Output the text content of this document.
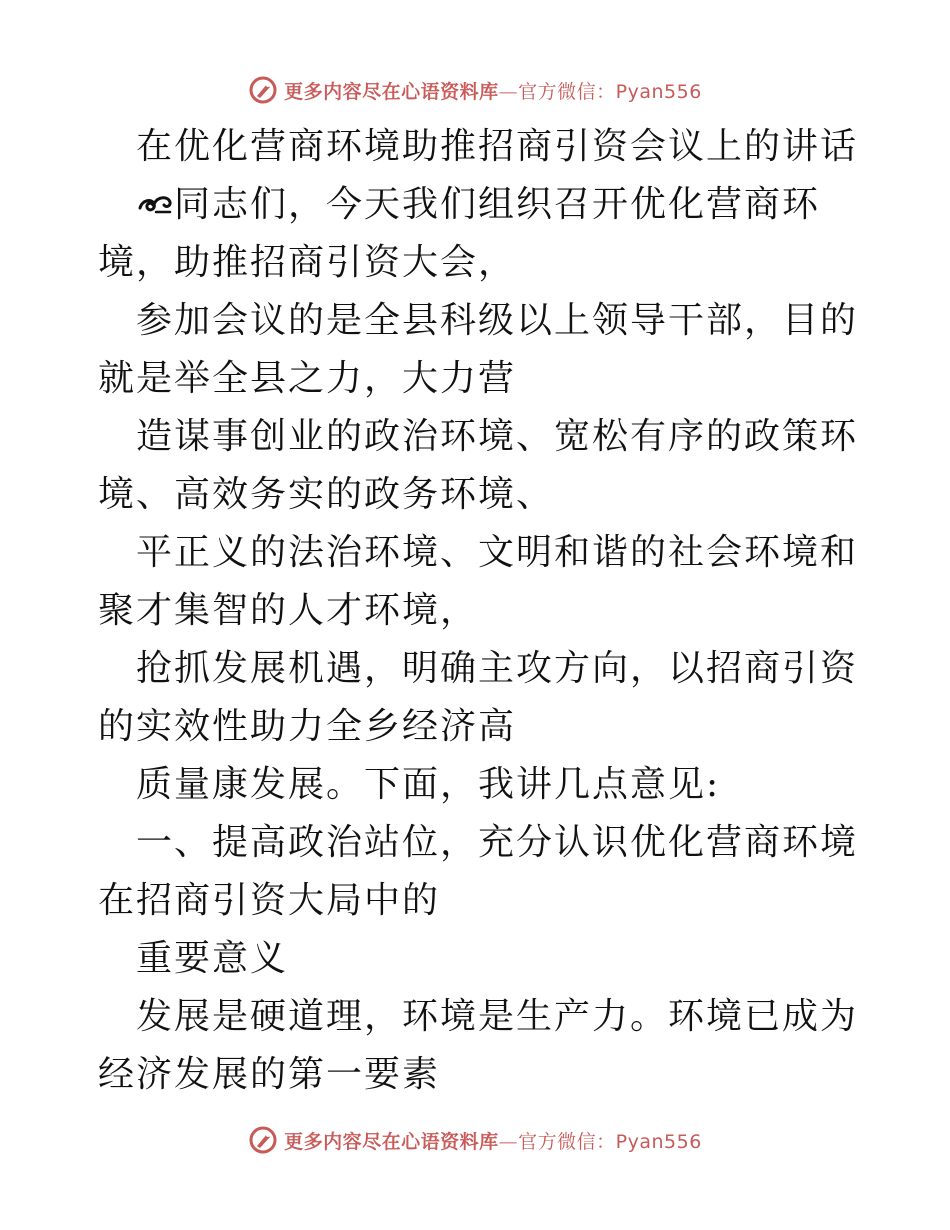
更多内容尽在心语资料库—官方微信：Pyan556

在优化营商环境助推招商引资会议上的讲话

同志们，今天我们组织召开优化营商环境，助推招商引资大会，

参加会议的是全县科级以上领导干部，目的就是举全县之力，大力营

造谋事创业的政治环境、宽松有序的政策环境、高效务实的政务环境、

平正义的法治环境、文明和谐的社会环境和聚才集智的人才环境，

抢抓发展机遇，明确主攻方向，以招商引资的实效性助力全乡经济高

质量康发展。下面，我讲几点意见:

一、提高政治站位，充分认识优化营商环境在招商引资大局中的

重要意义

发展是硬道理，环境是生产力。环境已成为经济发展的第一要素

更多内容尽在心语资料库—官方微信：Pyan556
